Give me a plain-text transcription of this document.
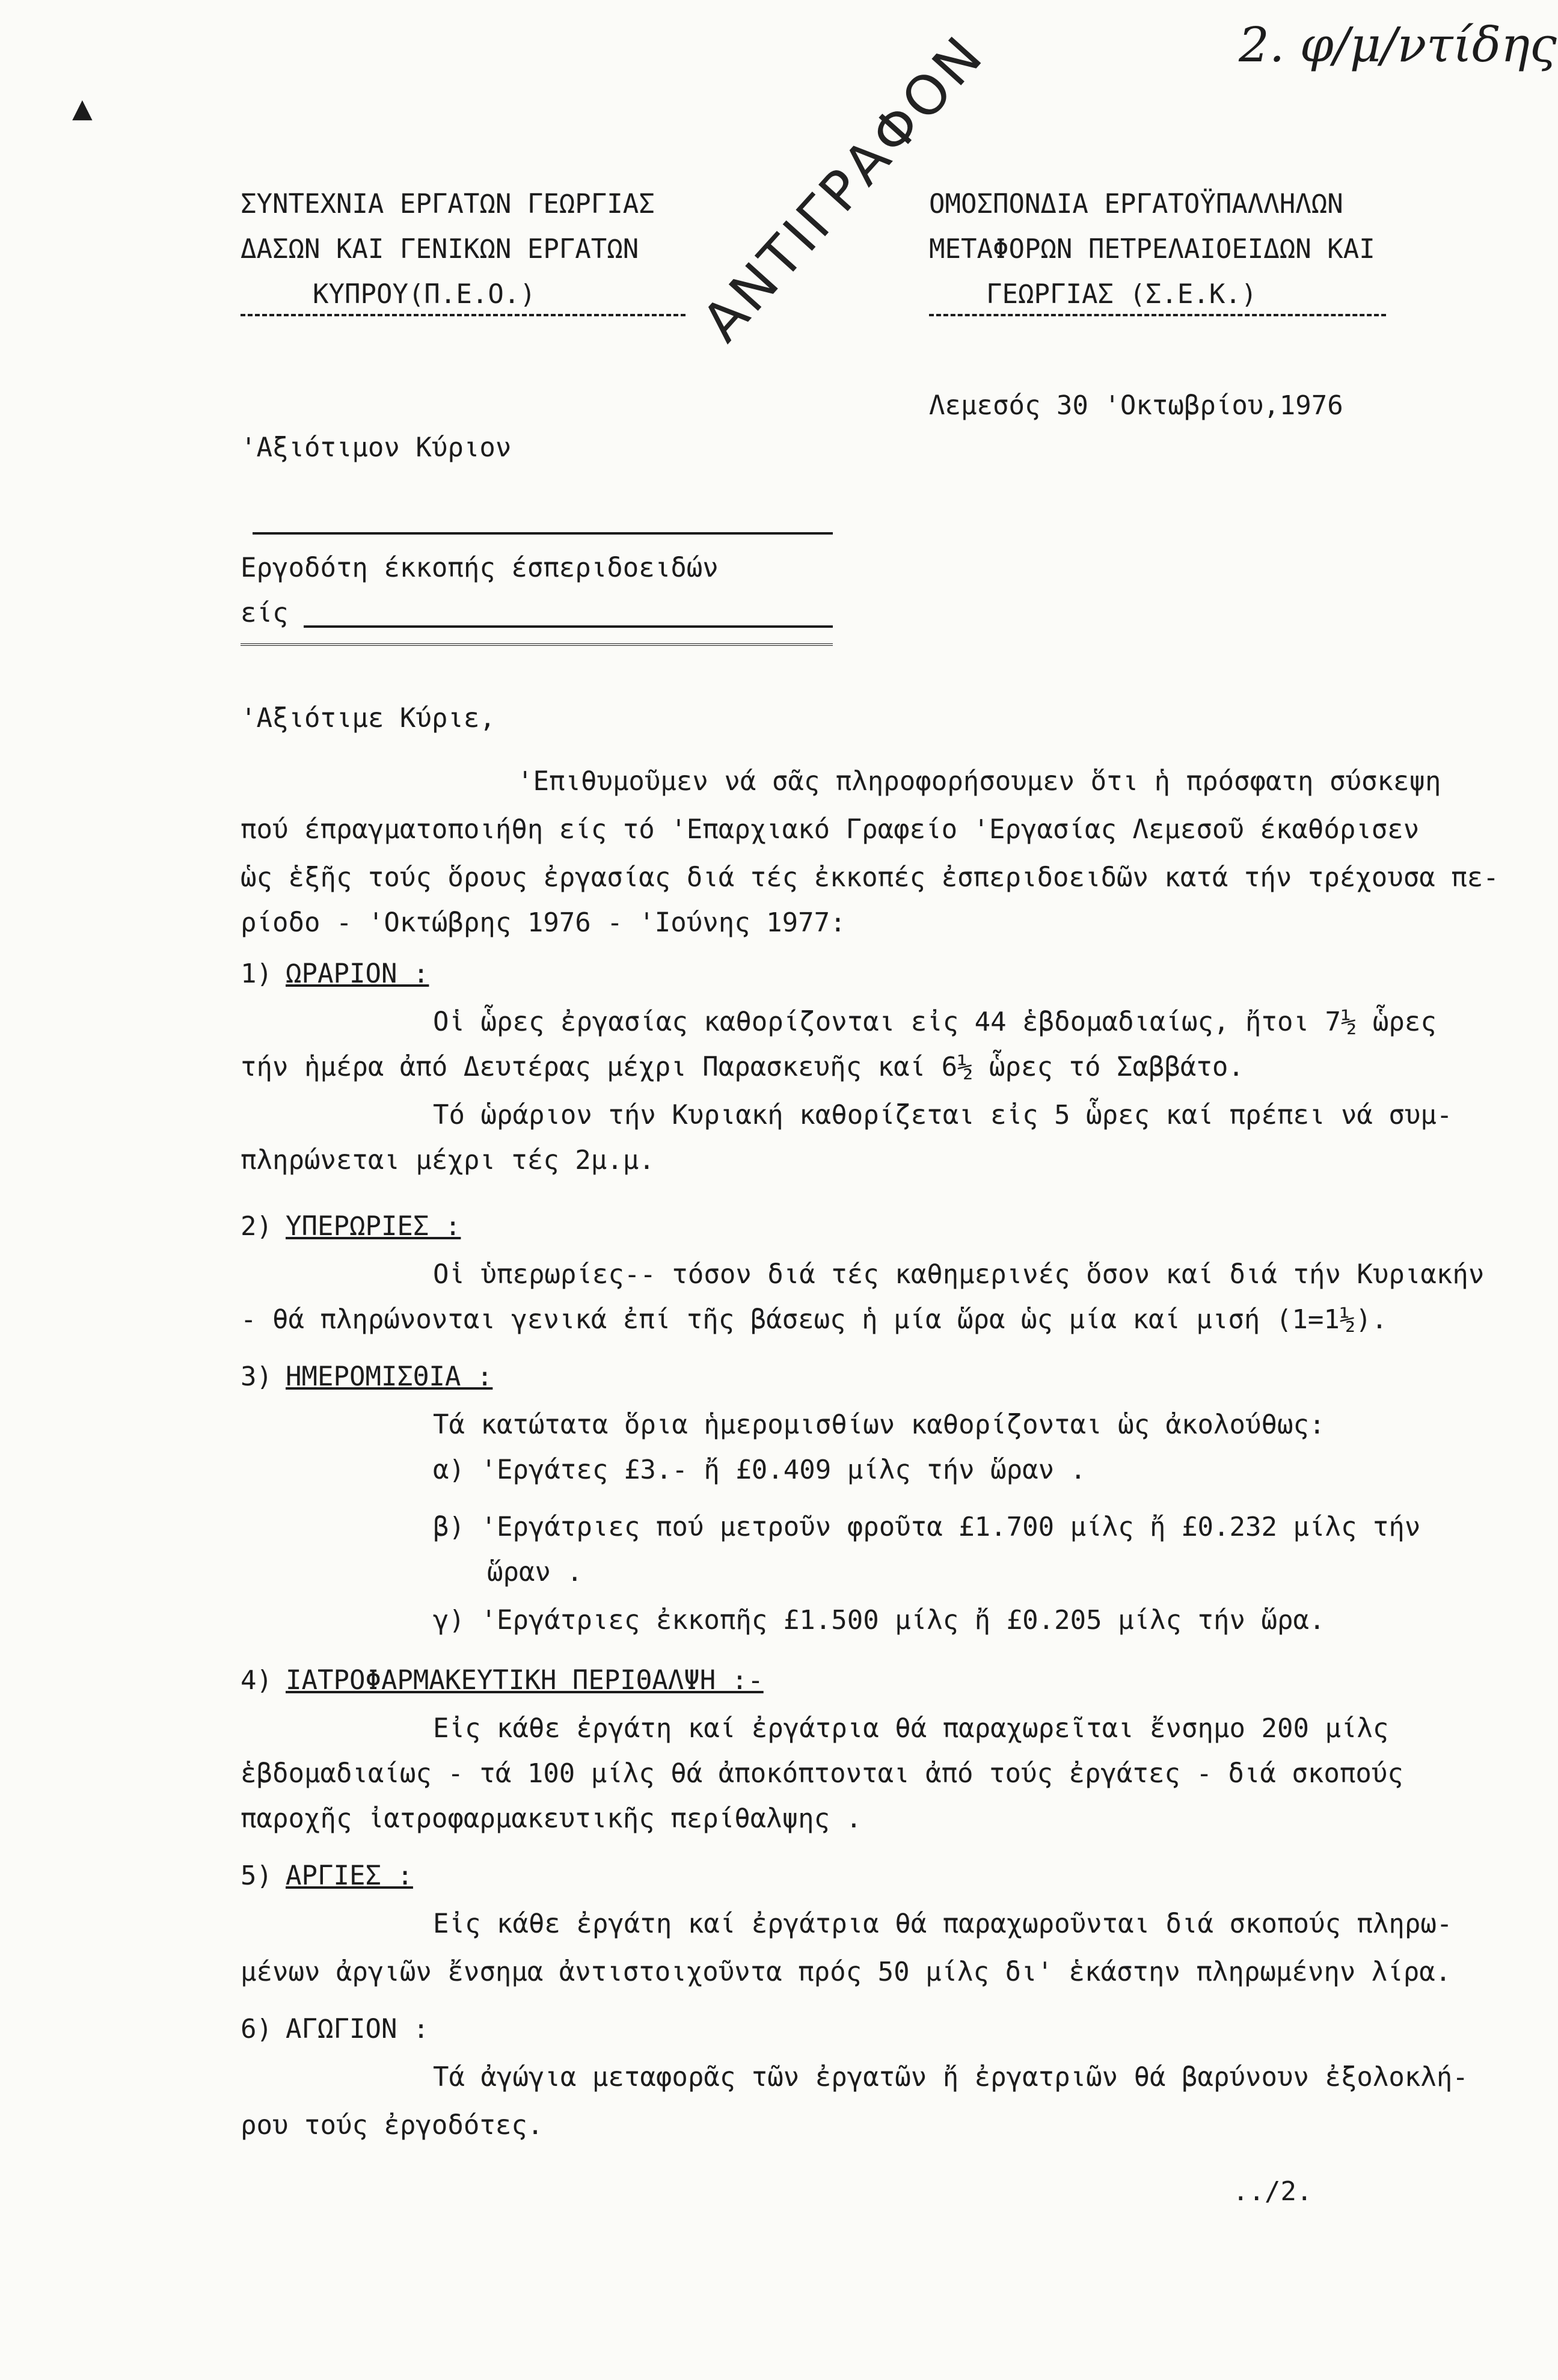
2. φ/μ/ντίδης
▲
ΣΥΝΤΕΧΝΙΑ ΕΡΓΑΤΩΝ ΓΕΩΡΓΙΑΣ
ΔΑΣΩΝ ΚΑΙ ΓΕΝΙΚΩΝ ΕΡΓΑΤΩΝ
ΚΥΠΡΟΥ(Π.Ε.Ο.)
ΟΜΟΣΠΟΝΔΙΑ ΕΡΓΑΤΟΫΠΑΛΛΗΛΩΝ
ΜΕΤΑΦΟΡΩΝ ΠΕΤΡΕΛΑΙΟΕΙΔΩΝ ΚΑΙ
ΓΕΩΡΓΙΑΣ (Σ.Ε.Κ.)
ΑΝΤΙΓΡΑΦΟΝ
Λεμεσός 30 'Οκτωβρίου,1976
'Αξιότιμον Κύριον
Εργοδότη έκκοπής έσπεριδοειδών
είς
'Αξιότιμε Κύριε,
'Επιθυμοῦμεν νά σᾶς πληροφορήσουμεν ὅτι ἡ πρόσφατη σύσκεψη
πού έπραγματοποιήθη είς τό 'Επαρχιακό Γραφείο 'Εργασίας Λεμεσοῦ έκαθόρισεν
ὡς ἑξῆς τούς ὅρους ἐργασίας διά τές ἐκκοπές ἐσπεριδοειδῶν κατά τήν τρέχουσα πε-
ρίοδο - 'Οκτώβρης 1976 - 'Ιούνης 1977:
1) ΩΡΑΡΙΟΝ :
Οἱ ὧρες ἐργασίας καθορίζονται εἰς 44 ἑβδομαδιαίως, ἤτοι 7½ ὧρες
τήν ἡμέρα ἀπό Δευτέρας μέχρι Παρασκευῆς καί 6½ ὧρες τό Σαββάτο.
Τό ὡράριον τήν Κυριακή καθορίζεται εἰς 5 ὧρες καί πρέπει νά συμ-
πληρώνεται μέχρι τές 2μ.μ.
2) ΥΠΕΡΩΡΙΕΣ :
Οἱ ὑπερωρίες-- τόσον διά τές καθημερινές ὅσον καί διά τήν Κυριακήν
- θά πληρώνονται γενικά ἐπί τῆς βάσεως ἡ μία ὥρα ὡς μία καί μισή (1=1½).
3) ΗΜΕΡΟΜΙΣΘΙΑ :
Τά κατώτατα ὅρια ἡμερομισθίων καθορίζονται ὡς ἀκολούθως:
α) 'Εργάτες £3.- ἤ £0.409 μίλς τήν ὥραν .
β) 'Εργάτριες πού μετροῦν φροῦτα £1.700 μίλς ἤ £0.232 μίλς τήν
ὥραν .
γ) 'Εργάτριες ἐκκοπῆς £1.500 μίλς ἤ £0.205 μίλς τήν ὥρα.
4) ΙΑΤΡΟΦΑΡΜΑΚΕΥΤΙΚΗ ΠΕΡΙΘΑΛΨΗ :-
Εἰς κάθε ἐργάτη καί ἐργάτρια θά παραχωρεῖται ἔνσημο 200 μίλς
ἑβδομαδιαίως - τά 100 μίλς θά ἀποκόπτονται ἀπό τούς ἐργάτες - διά σκοπούς
παροχῆς ἰατροφαρμακευτικῆς περίθαλψης .
5) ΑΡΓΙΕΣ :
Εἰς κάθε ἐργάτη καί ἐργάτρια θά παραχωροῦνται διά σκοπούς πληρω-
μένων ἀργιῶν ἔνσημα ἀντιστοιχοῦντα πρός 50 μίλς δι' ἑκάστην πληρωμένην λίρα.
6) ΑΓΩΓΙΟΝ :
Τά ἀγώγια μεταφορᾶς τῶν ἐργατῶν ἤ ἐργατριῶν θά βαρύνουν ἐξολοκλή-
ρου τούς ἐργοδότες.
../2.
